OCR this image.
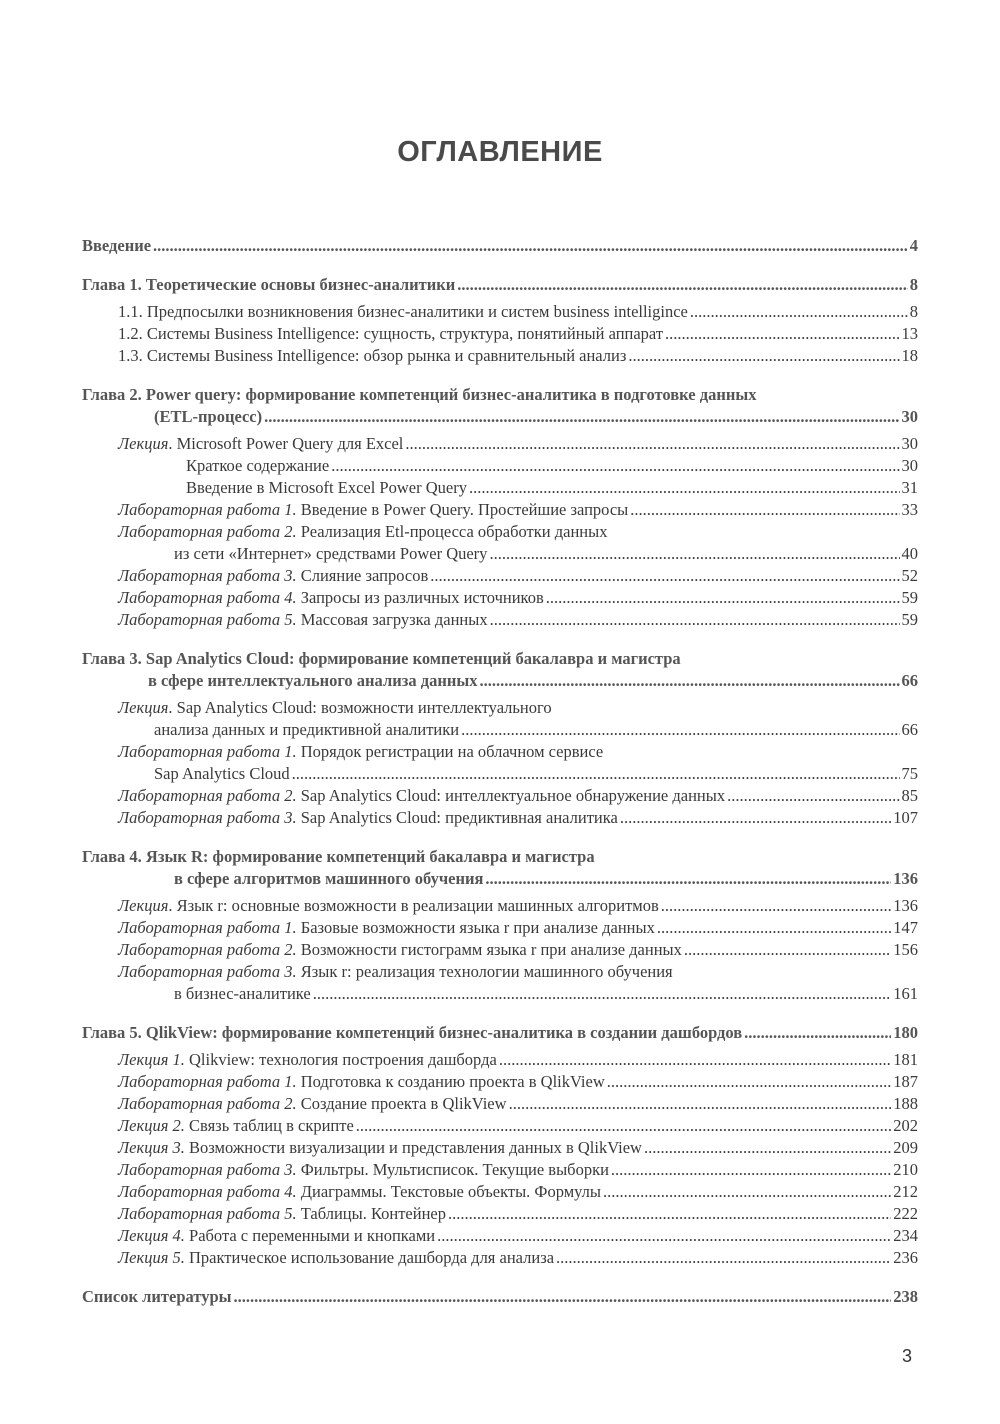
ОГЛАВЛЕНИЕ
Введение .....	4
Глава 1. Теоретические основы бизнес-аналитики .....	8
1.1. Предпосылки возникновения бизнес-аналитики и систем business intelligince .....	8
1.2. Системы Business Intelligence: сущность, структура, понятийный аппарат .....	13
1.3. Системы Business Intelligence: обзор рынка и сравнительный анализ .....	18
Глава 2. Power query: формирование компетенций бизнес-аналитика в подготовке данных
(ETL-процесс) .....	30
Лекция. Microsoft Power Query для Excel .....	30
Краткое содержание .....	30
Введение в Microsoft Excel Power Query .....	31
Лабораторная работа 1. Введение в Power Query. Простейшие запросы .....	33
Лабораторная работа 2. Реализация Etl-процесса обработки данных
из сети «Интернет» средствами Power Query .....	40
Лабораторная работа 3. Слияние запросов .....	52
Лабораторная работа 4. Запросы из различных источников .....	59
Лабораторная работа 5. Массовая загрузка данных .....	59
Глава 3. Sap Analytics Cloud: формирование компетенций бакалавра и магистра
в сфере интеллектуального анализа данных .....	66
Лекция. Sap Analytics Cloud: возможности интеллектуального
анализа данных и предиктивной аналитики .....	66
Лабораторная работа 1. Порядок регистрации на облачном сервисе
Sap Analytics Cloud .....	75
Лабораторная работа 2. Sap Analytics Cloud: интеллектуальное обнаружение данных .....	85
Лабораторная работа 3. Sap Analytics Cloud: предиктивная аналитика .....	107
Глава 4. Язык R: формирование компетенций бакалавра и магистра
в сфере алгоритмов машинного обучения .....	136
Лекция. Язык r: основные возможности в реализации машинных алгоритмов .....	136
Лабораторная работа 1. Базовые возможности языка r при анализе данных .....	147
Лабораторная работа 2. Возможности гистограмм языка r при анализе данных .....	156
Лабораторная работа 3. Язык r: реализация технологии машинного обучения
в бизнес-аналитике .....	161
Глава 5. QlikView: формирование компетенций бизнес-аналитика в создании дашбордов .....	180
Лекция 1. Qlikview: технология построения дашборда .....	181
Лабораторная работа 1. Подготовка к созданию проекта в QlikView .....	187
Лабораторная работа 2. Создание проекта в QlikView .....	188
Лекция 2. Связь таблиц в скрипте .....	202
Лекция 3. Возможности визуализации и представления данных в QlikView .....	209
Лабораторная работа 3. Фильтры. Мультисписок. Текущие выборки .....	210
Лабораторная работа 4. Диаграммы. Текстовые объекты. Формулы .....	212
Лабораторная работа 5. Таблицы. Контейнер .....	222
Лекция 4. Работа с переменными и кнопками .....	234
Лекция 5. Практическое использование дашборда для анализа .....	236
Список литературы .....	238
3
